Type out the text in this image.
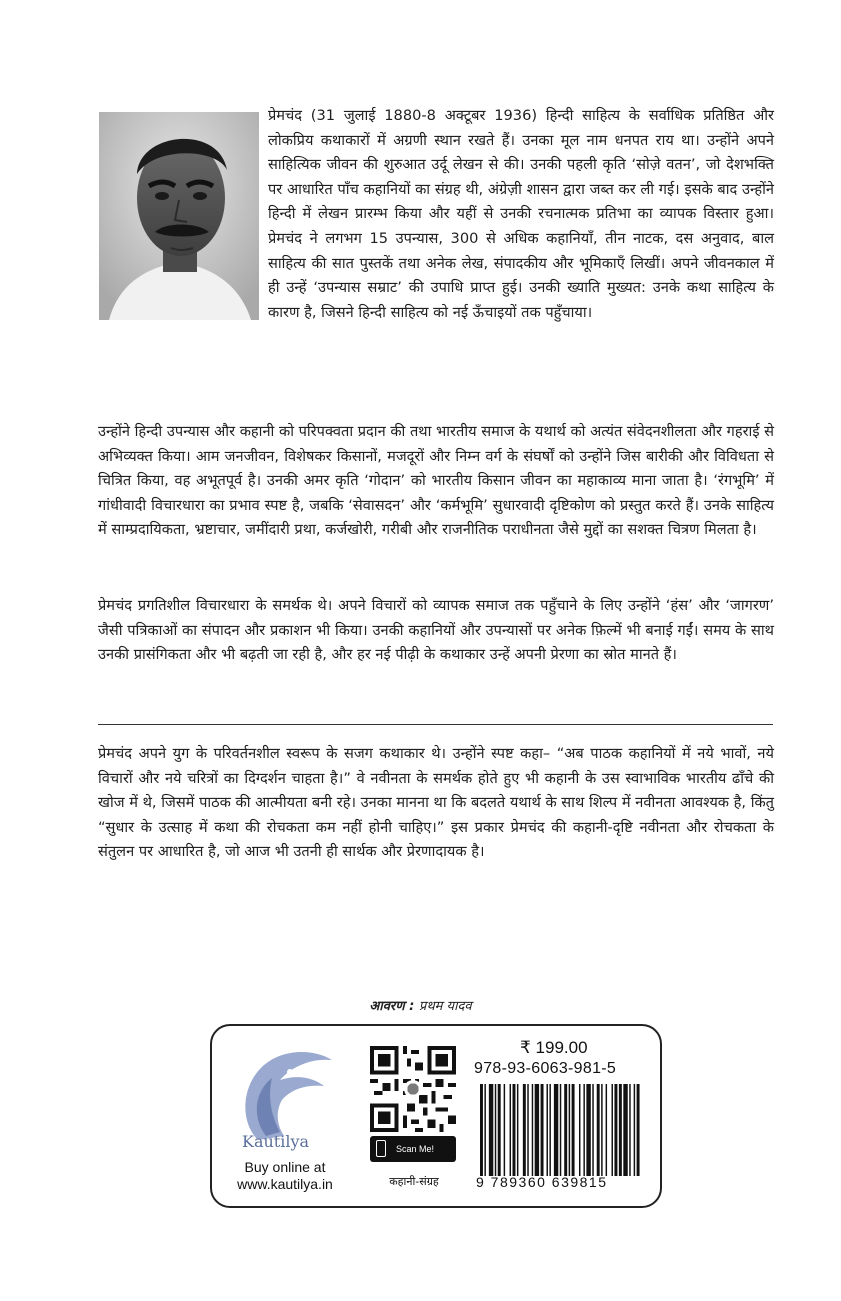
प्रेमचंद (31 जुलाई 1880-8 अक्टूबर 1936) हिन्दी साहित्य के सर्वाधिक प्रतिष्ठित और लोकप्रिय कथाकारों में अग्रणी स्थान रखते हैं। उनका मूल नाम धनपत राय था। उन्होंने अपने साहित्यिक जीवन की शुरुआत उर्दू लेखन से की। उनकी पहली कृति ‘सोज़े वतन’, जो देशभक्ति पर आधारित पाँच कहानियों का संग्रह थी, अंग्रेज़ी शासन द्वारा जब्त कर ली गई। इसके बाद उन्होंने हिन्दी में लेखन प्रारम्भ किया और यहीं से उनकी रचनात्मक प्रतिभा का व्यापक विस्तार हुआ। प्रेमचंद ने लगभग 15 उपन्यास, 300 से अधिक कहानियाँ, तीन नाटक, दस अनुवाद, बाल साहित्य की सात पुस्तकें तथा अनेक लेख, संपादकीय और भूमिकाएँ लिखीं। अपने जीवनकाल में ही उन्हें ‘उपन्यास सम्राट’ की उपाधि प्राप्त हुई। उनकी ख्याति मुख्यत: उनके कथा साहित्य के कारण है, जिसने हिन्दी साहित्य को नई ऊँचाइयों तक पहुँचाया।

उन्होंने हिन्दी उपन्यास और कहानी को परिपक्वता प्रदान की तथा भारतीय समाज के यथार्थ को अत्यंत संवेदनशीलता और गहराई से अभिव्यक्त किया। आम जनजीवन, विशेषकर किसानों, मजदूरों और निम्न वर्ग के संघर्षों को उन्होंने जिस बारीकी और विविधता से चित्रित किया, वह अभूतपूर्व है। उनकी अमर कृति ‘गोदान’ को भारतीय किसान जीवन का महाकाव्य माना जाता है। ‘रंगभूमि’ में गांधीवादी विचारधारा का प्रभाव स्पष्ट है, जबकि ‘सेवासदन’ और ‘कर्मभूमि’ सुधारवादी दृष्टिकोण को प्रस्तुत करते हैं। उनके साहित्य में साम्प्रदायिकता, भ्रष्टाचार, जमींदारी प्रथा, कर्जखोरी, गरीबी और राजनीतिक पराधीनता जैसे मुद्दों का सशक्त चित्रण मिलता है।

प्रेमचंद प्रगतिशील विचारधारा के समर्थक थे। अपने विचारों को व्यापक समाज तक पहुँचाने के लिए उन्होंने ‘हंस’ और ‘जागरण’ जैसी पत्रिकाओं का संपादन और प्रकाशन भी किया। उनकी कहानियों और उपन्यासों पर अनेक फ़िल्में भी बनाई गईं। समय के साथ उनकी प्रासंगिकता और भी बढ़ती जा रही है, और हर नई पीढ़ी के कथाकार उन्हें अपनी प्रेरणा का स्रोत मानते हैं।

प्रेमचंद अपने युग के परिवर्तनशील स्वरूप के सजग कथाकार थे। उन्होंने स्पष्ट कहा– “अब पाठक कहानियों में नये भावों, नये विचारों और नये चरित्रों का दिग्दर्शन चाहता है।” वे नवीनता के समर्थक होते हुए भी कहानी के उस स्वाभाविक भारतीय ढाँचे की खोज में थे, जिसमें पाठक की आत्मीयता बनी रहे। उनका मानना था कि बदलते यथार्थ के साथ शिल्प में नवीनता आवश्यक है, किंतु “सुधार के उत्साह में कथा की रोचकता कम नहीं होनी चाहिए।” इस प्रकार प्रेमचंद की कहानी-दृष्टि नवीनता और रोचकता के संतुलन पर आधारित है, जो आज भी उतनी ही सार्थक और प्रेरणादायक है।

आवरण : प्रथम यादव
Kautilya
Buy online at
www.kautilya.in
Scan Me!
कहानी-संग्रह
₹ 199.00
978-93-6063-981-5
9 789360 639815
